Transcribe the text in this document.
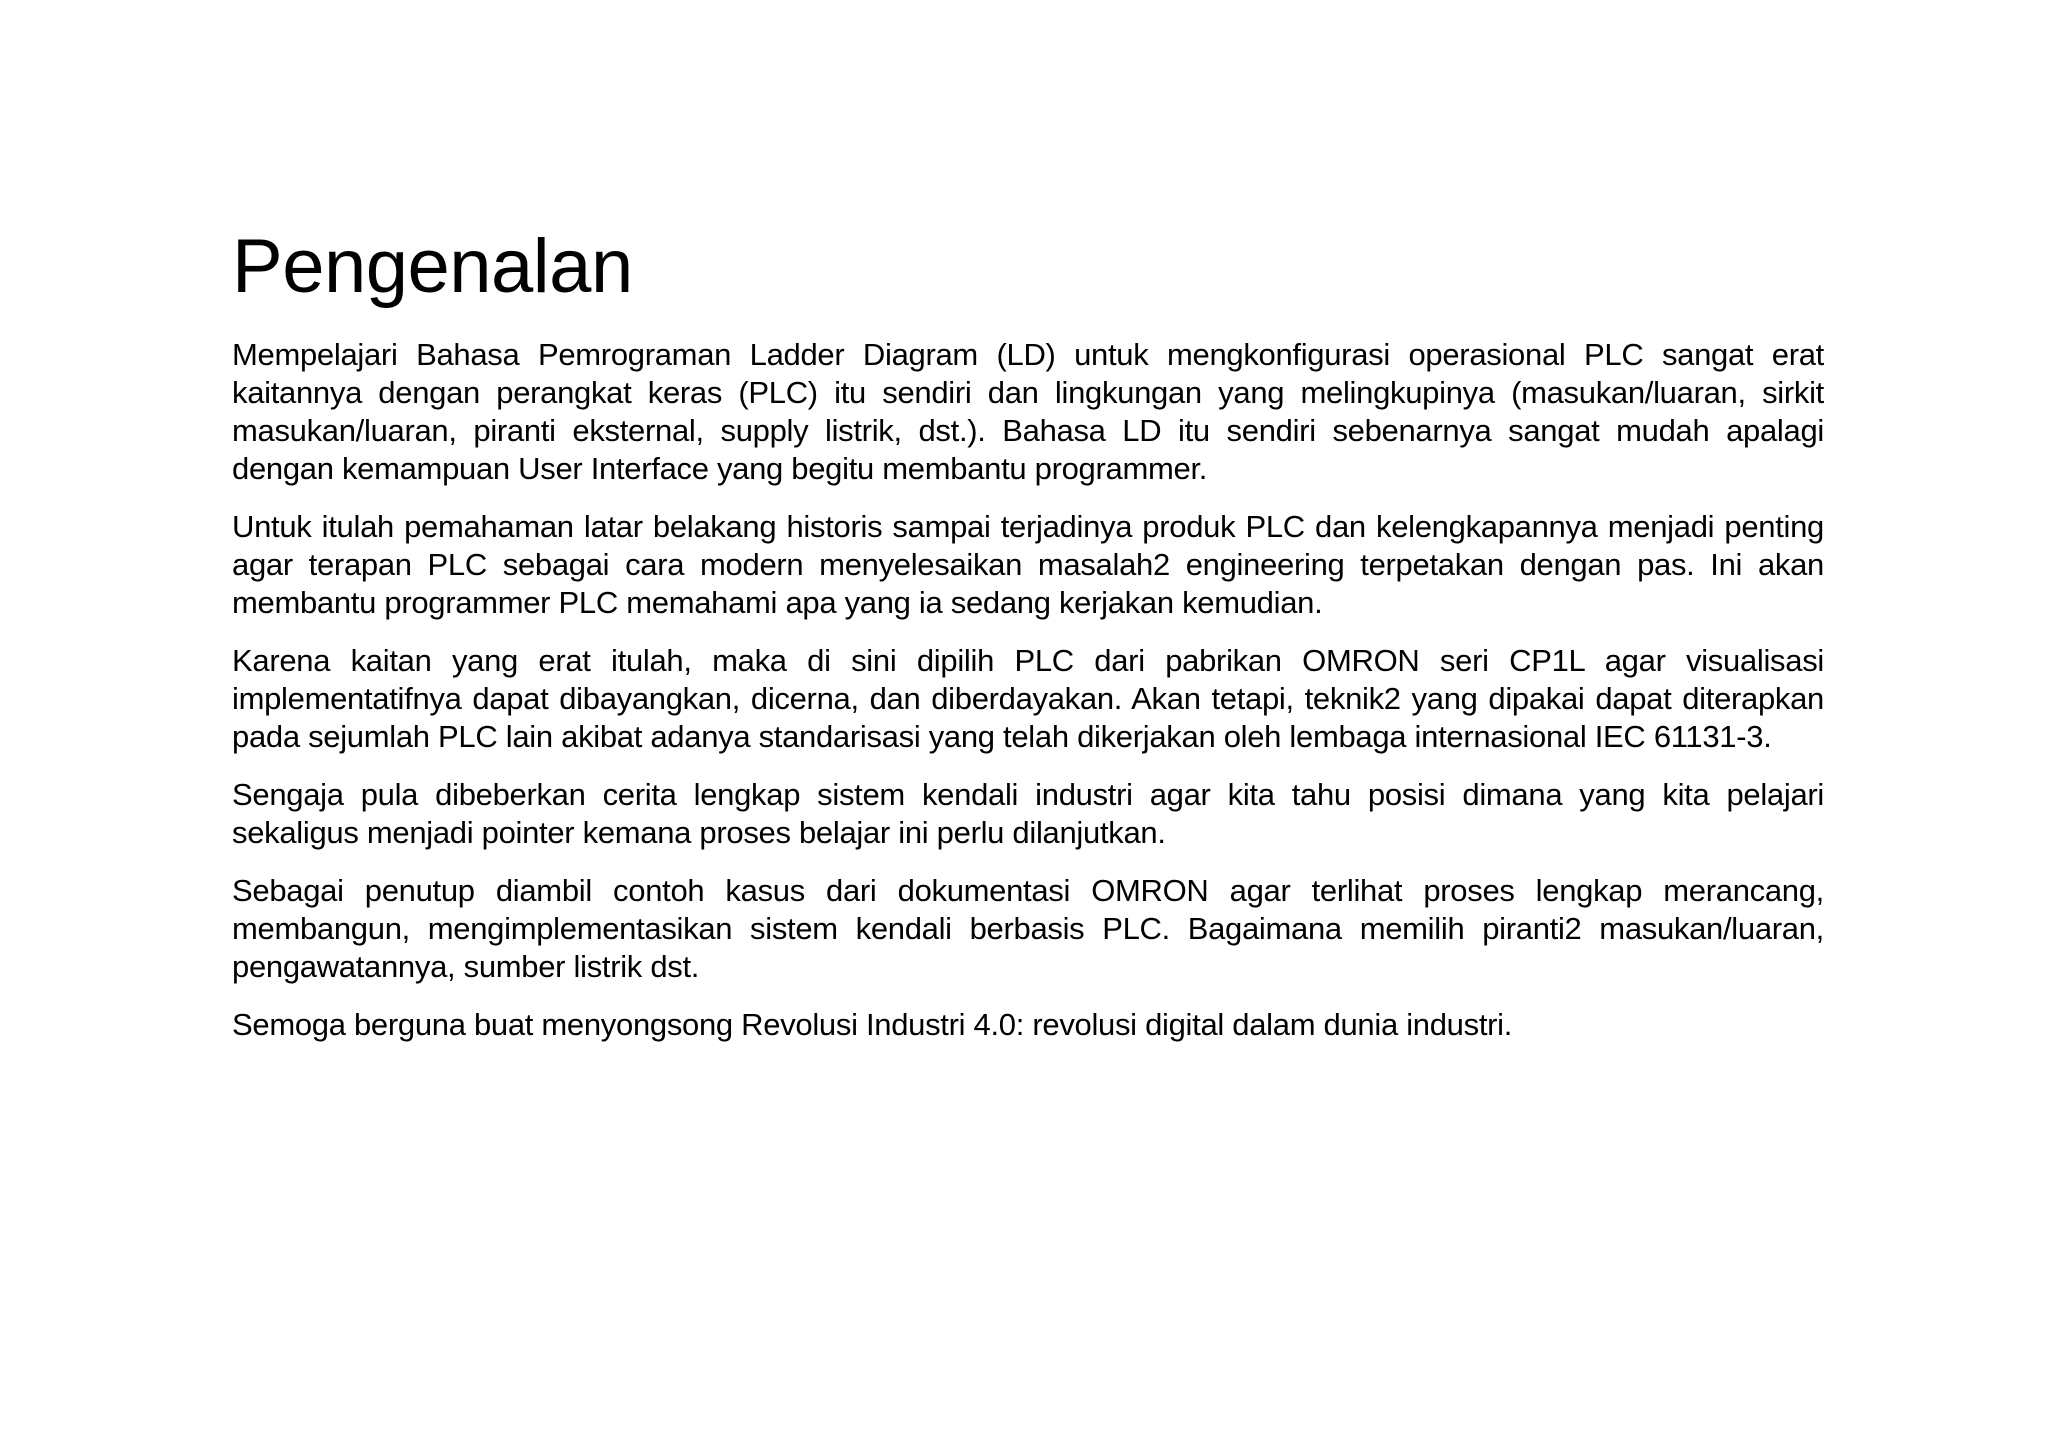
Pengenalan

Mempelajari Bahasa Pemrograman Ladder Diagram (LD) untuk mengkonfigurasi operasional PLC sangat erat kaitannya dengan perangkat keras (PLC) itu sendiri dan lingkungan yang melingkupinya (masukan/luaran, sirkit masukan/luaran, piranti eksternal, supply listrik, dst.). Bahasa LD itu sendiri sebenarnya sangat mudah apalagi dengan kemampuan User Interface yang begitu membantu programmer.

Untuk itulah pemahaman latar belakang historis sampai terjadinya produk PLC dan kelengkapannya menjadi penting agar terapan PLC sebagai cara modern menyelesaikan masalah2 engineering terpetakan dengan pas. Ini akan membantu programmer PLC memahami apa yang ia sedang kerjakan kemudian.

Karena kaitan yang erat itulah, maka di sini dipilih PLC dari pabrikan OMRON seri CP1L agar visualisasi implementatifnya dapat dibayangkan, dicerna, dan diberdayakan. Akan tetapi, teknik2 yang dipakai dapat diterapkan pada sejumlah PLC lain akibat adanya standarisasi yang telah dikerjakan oleh lembaga internasional IEC 61131-3.

Sengaja pula dibeberkan cerita lengkap sistem kendali industri agar kita tahu posisi dimana yang kita pelajari sekaligus menjadi pointer kemana proses belajar ini perlu dilanjutkan.

Sebagai penutup diambil contoh kasus dari dokumentasi OMRON agar terlihat proses lengkap merancang, membangun, mengimplementasikan sistem kendali berbasis PLC. Bagaimana memilih piranti2 masukan/luaran, pengawatannya, sumber listrik dst.

Semoga berguna buat menyongsong Revolusi Industri 4.0: revolusi digital dalam dunia industri.
